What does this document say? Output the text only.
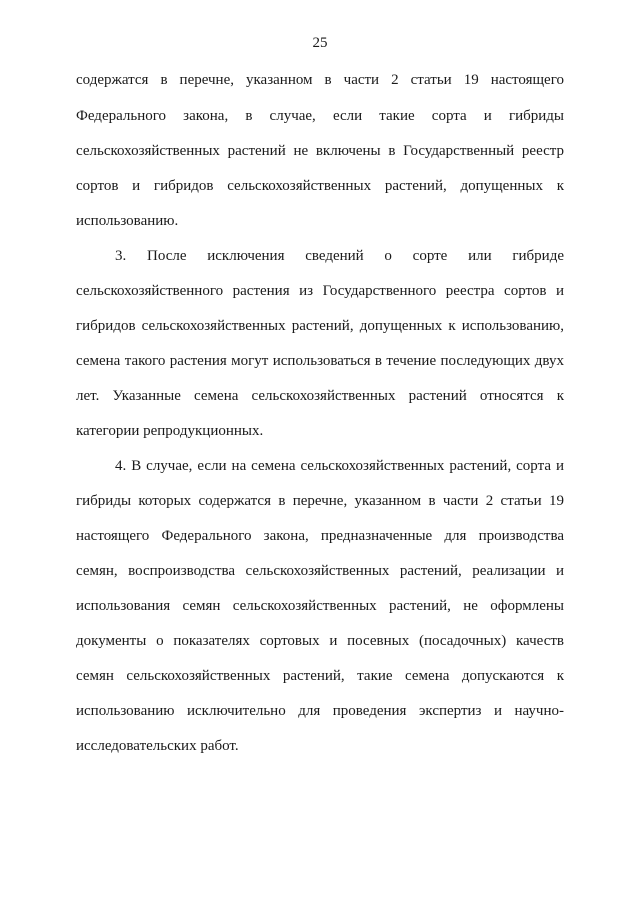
25
содержатся в перечне, указанном в части 2 статьи 19 настоящего
Федерального закона, в случае, если такие сорта и гибриды
сельскохозяйственных растений не включены в Государственный реестр
сортов и гибридов сельскохозяйственных растений, допущенных к
использованию.
3. После исключения сведений о сорте или гибриде
сельскохозяйственного растения из Государственного реестра сортов и
гибридов сельскохозяйственных растений, допущенных к использованию,
семена такого растения могут использоваться в течение последующих двух
лет. Указанные семена сельскохозяйственных растений относятся к
категории репродукционных.
4. В случае, если на семена сельскохозяйственных растений, сорта и
гибриды которых содержатся в перечне, указанном в части 2 статьи 19
настоящего Федерального закона, предназначенные для производства
семян, воспроизводства сельскохозяйственных растений, реализации и
использования семян сельскохозяйственных растений, не оформлены
документы о показателях сортовых и посевных (посадочных) качеств
семян сельскохозяйственных растений, такие семена допускаются к
использованию исключительно для проведения экспертиз и научно-
исследовательских работ.
